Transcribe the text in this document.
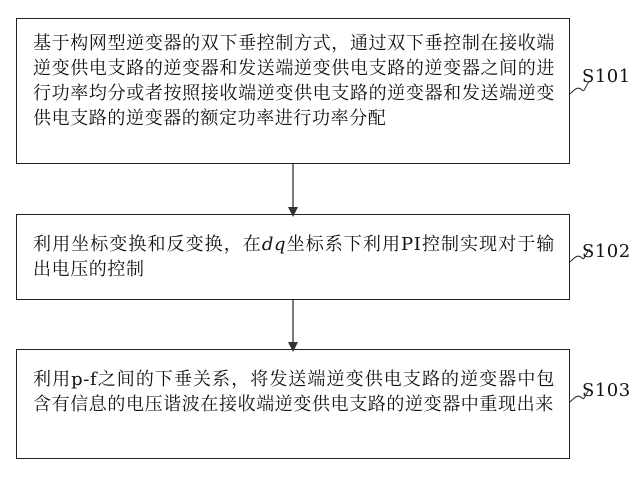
基于构网型逆变器的双下垂控制方式，通过双下垂控制在接收端逆变供电支路的逆变器和发送端逆变供电支路的逆变器之间的进行功率均分或者按照接收端逆变供电支路的逆变器和发送端逆变供电支路的逆变器的额定功率进行功率分配

利用坐标变换和反变换，在dq坐标系下利用PI控制实现对于输出电压的控制

利用p-f之间的下垂关系，将发送端逆变供电支路的逆变器中包含有信息的电压谐波在接收端逆变供电支路的逆变器中重现出来

S101
S102
S103
